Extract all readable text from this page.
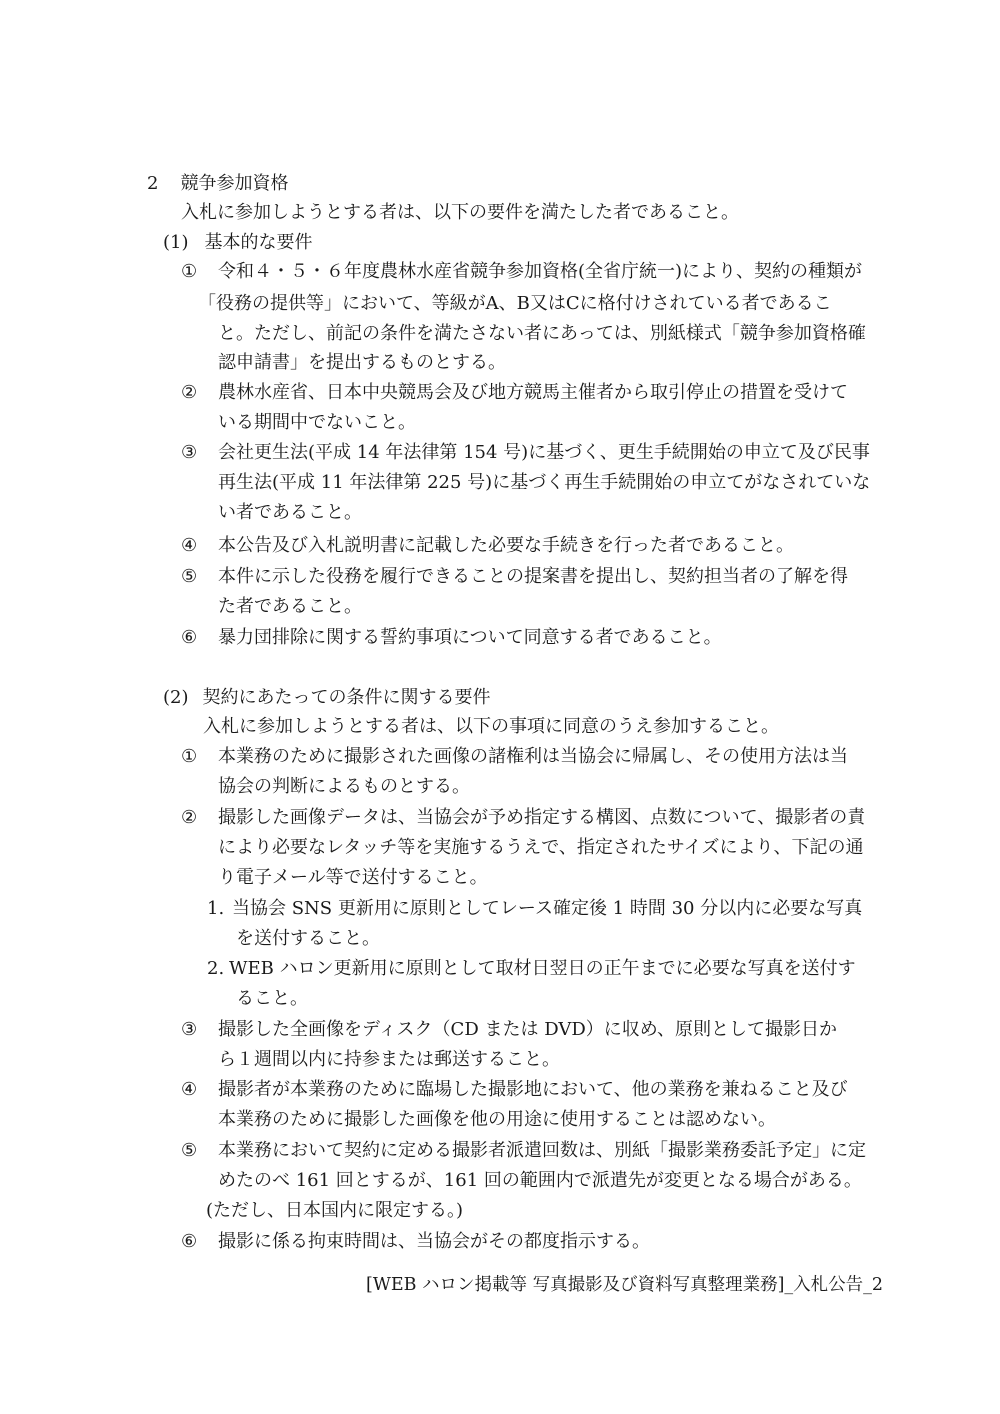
2 競争参加資格
入札に参加しようとする者は、以下の要件を満たした者であること。
(1) 基本的な要件
① 令和４・５・６年度農林水産省競争参加資格(全省庁統一)により、契約の種類が
「役務の提供等」において、等級がA、B又はCに格付けされている者であるこ
と。ただし、前記の条件を満たさない者にあっては、別紙様式「競争参加資格確
認申請書」を提出するものとする。
② 農林水産省、日本中央競馬会及び地方競馬主催者から取引停止の措置を受けて
いる期間中でないこと。
③ 会社更生法(平成 14 年法律第 154 号)に基づく、更生手続開始の申立て及び民事
再生法(平成 11 年法律第 225 号)に基づく再生手続開始の申立てがなされていな
い者であること。
④ 本公告及び入札説明書に記載した必要な手続きを行った者であること。
⑤ 本件に示した役務を履行できることの提案書を提出し、契約担当者の了解を得
た者であること。
⑥ 暴力団排除に関する誓約事項について同意する者であること。
(2) 契約にあたっての条件に関する要件
入札に参加しようとする者は、以下の事項に同意のうえ参加すること。
① 本業務のために撮影された画像の諸権利は当協会に帰属し、その使用方法は当
協会の判断によるものとする。
② 撮影した画像データは、当協会が予め指定する構図、点数について、撮影者の責
により必要なレタッチ等を実施するうえで、指定されたサイズにより、下記の通
り電子メール等で送付すること。
1. 当協会 SNS 更新用に原則としてレース確定後 1 時間 30 分以内に必要な写真
を送付すること。
2. WEB ハロン更新用に原則として取材日翌日の正午までに必要な写真を送付す
ること。
③ 撮影した全画像をディスク（CD または DVD）に収め、原則として撮影日か
ら１週間以内に持参または郵送すること。
④ 撮影者が本業務のために臨場した撮影地において、他の業務を兼ねること及び
本業務のために撮影した画像を他の用途に使用することは認めない。
⑤ 本業務において契約に定める撮影者派遣回数は、別紙「撮影業務委託予定」に定
めたのべ 161 回とするが、161 回の範囲内で派遣先が変更となる場合がある。
(ただし、日本国内に限定する。)
⑥ 撮影に係る拘束時間は、当協会がその都度指示する。
[WEB ハロン掲載等 写真撮影及び資料写真整理業務]_入札公告_2
